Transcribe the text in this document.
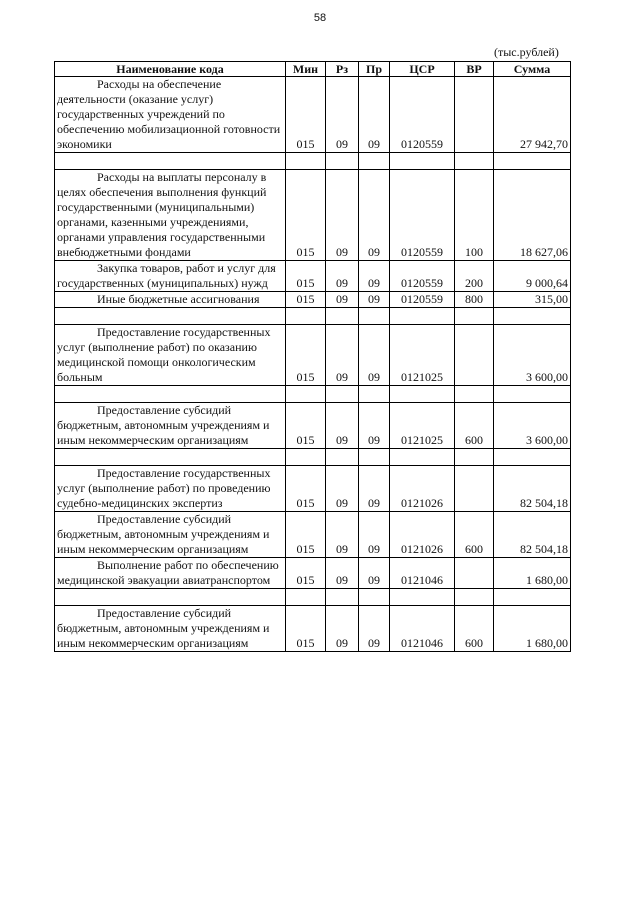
58
(тыс.рублей)
Наименование кода	Мин	Рз	Пр	ЦСР	ВР	Сумма
Расходы на обеспечение деятельности (оказание услуг) государственных учреждений по обеспечению мобилизационной готовности экономики	015	09	09	0120559		27 942,70

Расходы на выплаты персоналу в целях обеспечения выполнения функций государственными (муниципальными) органами, казенными учреждениями, органами управления государственными внебюджетными фондами	015	09	09	0120559	100	18 627,06
Закупка товаров, работ и услуг для государственных (муниципальных) нужд	015	09	09	0120559	200	9 000,64
Иные бюджетные ассигнования	015	09	09	0120559	800	315,00

Предоставление государственных услуг (выполнение работ) по оказанию медицинской помощи онкологическим больным	015	09	09	0121025		3 600,00

Предоставление субсидий бюджетным, автономным учреждениям и иным некоммерческим организациям	015	09	09	0121025	600	3 600,00

Предоставление государственных услуг (выполнение работ) по проведению судебно-медицинских экспертиз	015	09	09	0121026		82 504,18
Предоставление субсидий бюджетным, автономным учреждениям и иным некоммерческим организациям	015	09	09	0121026	600	82 504,18
Выполнение работ по обеспечению медицинской эвакуации авиатранспортом	015	09	09	0121046		1 680,00

Предоставление субсидий бюджетным, автономным учреждениям и иным некоммерческим организациям	015	09	09	0121046	600	1 680,00
